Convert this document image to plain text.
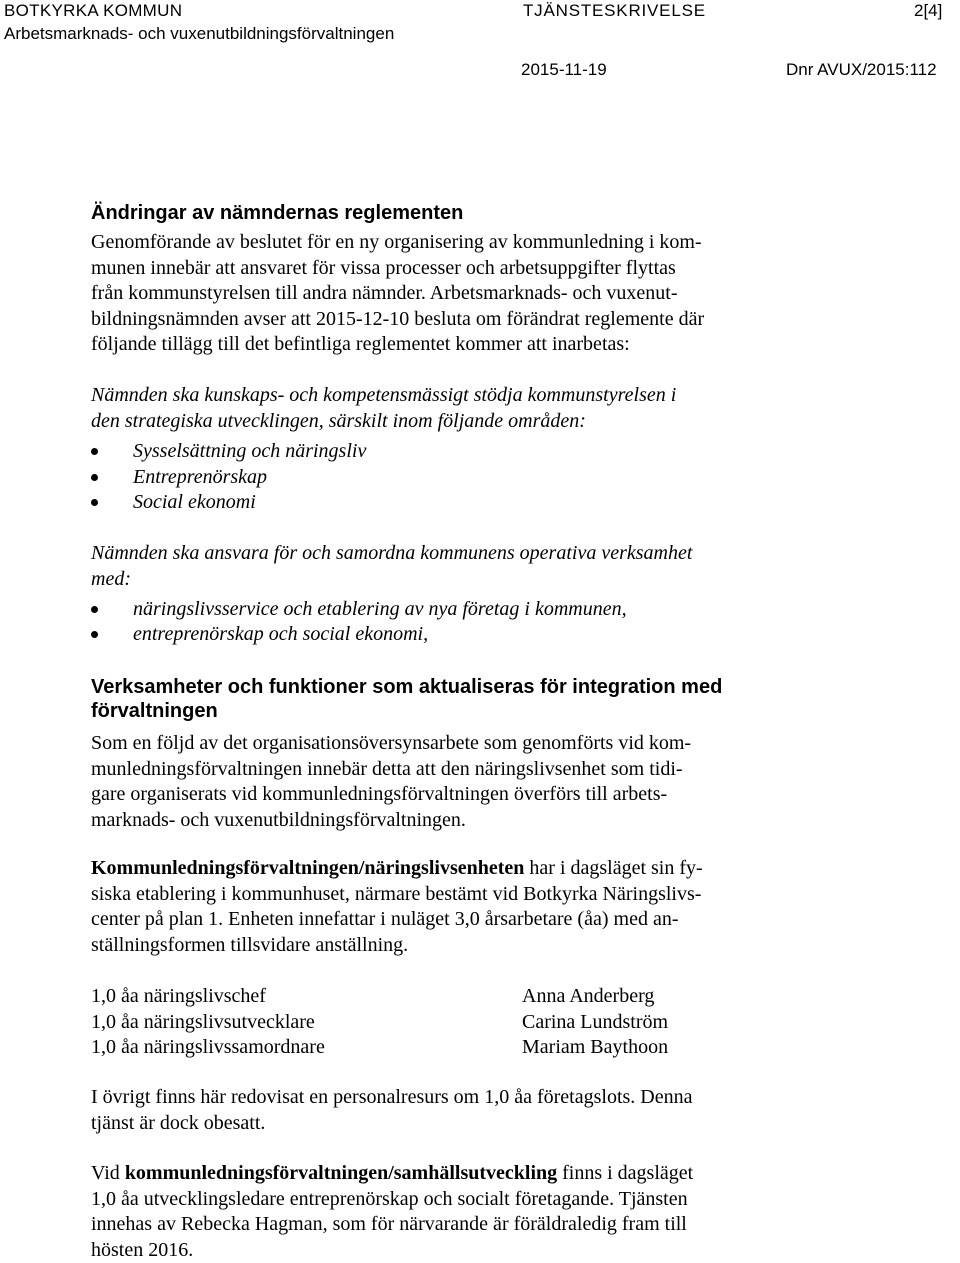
BOTKYRKA KOMMUN
Arbetsmarknads- och vuxenutbildningsförvaltningen
TJÄNSTESKRIVELSE	2[4]
2015-11-19	Dnr AVUX/2015:112
Ändringar av nämndernas reglementen
Genomförande av beslutet för en ny organisering av kommunledning i kom-
munen innebär att ansvaret för vissa processer och arbetsuppgifter flyttas
från kommunstyrelsen till andra nämnder. Arbetsmarknads- och vuxenut-
bildningsnämnden avser att 2015-12-10 besluta om förändrat reglemente där
följande tillägg till det befintliga reglementet kommer att inarbetas:
Nämnden ska kunskaps- och kompetensmässigt stödja kommunstyrelsen i
den strategiska utvecklingen, särskilt inom följande områden:
Sysselsättning och näringsliv
Entreprenörskap
Social ekonomi
Nämnden ska ansvara för och samordna kommunens operativa verksamhet
med:
näringslivsservice och etablering av nya företag i kommunen,
entreprenörskap och social ekonomi,
Verksamheter och funktioner som aktualiseras för integration med
förvaltningen
Som en följd av det organisationsöversynsarbete som genomförts vid kom-
munledningsförvaltningen innebär detta att den näringslivsenhet som tidi-
gare organiserats vid kommunledningsförvaltningen överförs till arbets-
marknads- och vuxenutbildningsförvaltningen.
Kommunledningsförvaltningen/näringslivsenheten har i dagsläget sin fy-
siska etablering i kommunhuset, närmare bestämt vid Botkyrka Näringslivs-
center på plan 1. Enheten innefattar i nuläget 3,0 årsarbetare (åa) med an-
ställningsformen tillsvidare anställning.
1,0 åa näringslivschef	Anna Anderberg
1,0 åa näringslivsutvecklare	Carina Lundström
1,0 åa näringslivssamordnare	Mariam Baythoon
I övrigt finns här redovisat en personalresurs om 1,0 åa företagslots. Denna
tjänst är dock obesatt.
Vid kommunledningsförvaltningen/samhällsutveckling finns i dagsläget
1,0 åa utvecklingsledare entreprenörskap och socialt företagande. Tjänsten
innehas av Rebecka Hagman, som för närvarande är föräldraledig fram till
hösten 2016.
